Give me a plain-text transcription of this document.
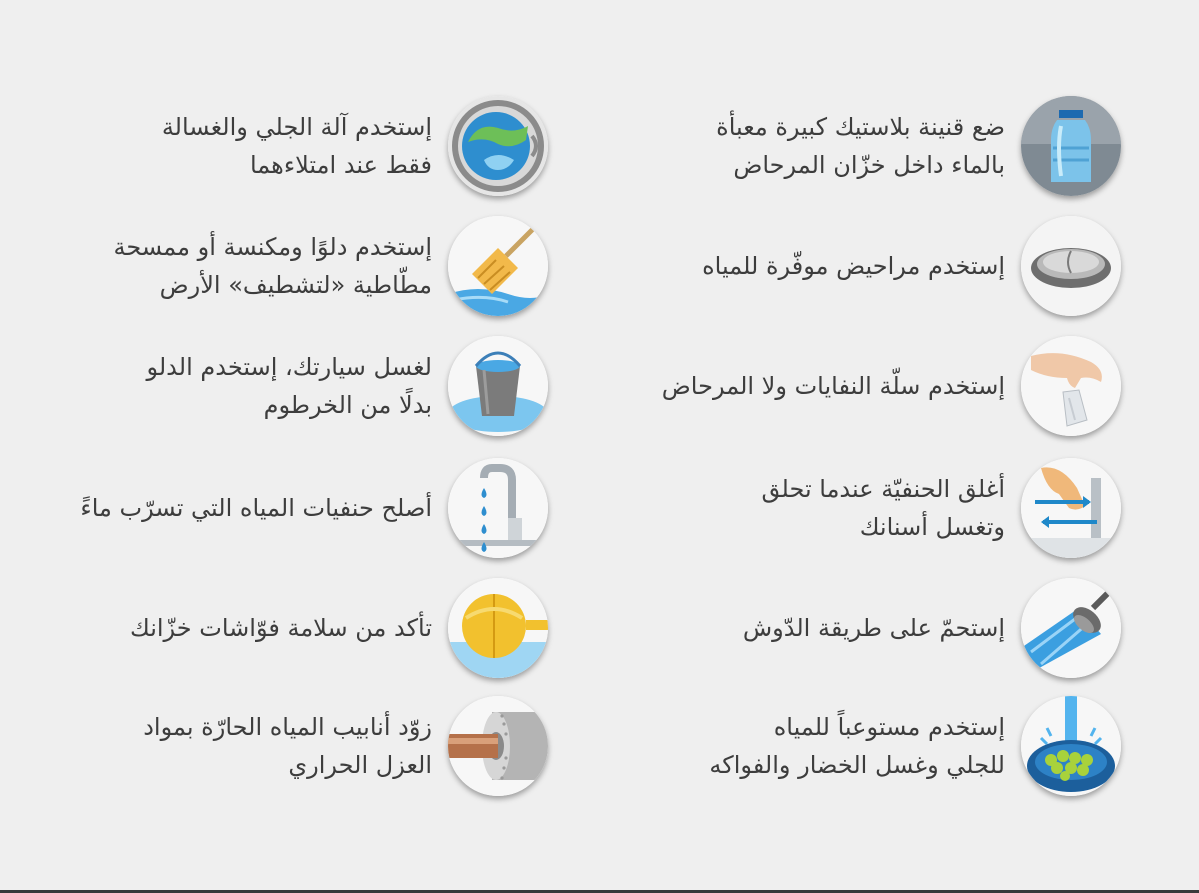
ضع قنينة بلاستيك كبيرة معبأة
بالماء داخل خزّان المرحاض
إستخدم مراحيض موفّرة للمياه
إستخدم سلّة النفايات ولا المرحاض
أغلق الحنفيّة عندما تحلق
وتغسل أسنانك
إستحمّ على طريقة الدّوش
إستخدم مستوعباً للمياه
للجلي وغسل الخضار والفواكه
إستخدم آلة الجلي والغسالة
فقط عند امتلاءهما
إستخدم دلوًا ومكنسة أو ممسحة
مطّاطية «لتشطيف» الأرض
لغسل سيارتك، إستخدم الدلو
بدلًا من الخرطوم
أصلح حنفيات المياه التي تسرّب ماءً
تأكد من سلامة فوّاشات خزّانك
زوّد أنابيب المياه الحارّة بمواد
العزل الحراري
